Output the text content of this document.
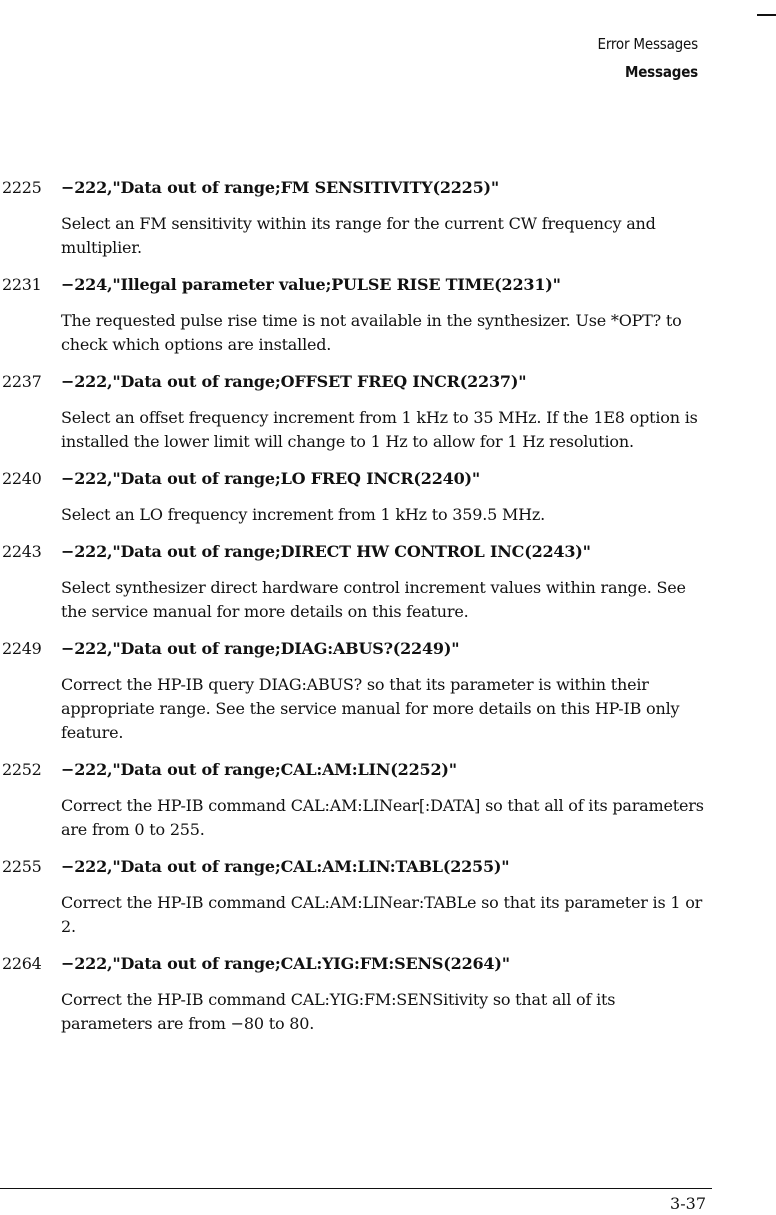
Error Messages
Messages
2225 −222,"Data out of range;FM SENSITIVITY(2225)"
Select an FM sensitivity within its range for the current CW frequency and multiplier.
2231 −224,"Illegal parameter value;PULSE RISE TIME(2231)"
The requested pulse rise time is not available in the synthesizer. Use *OPT? to check which options are installed.
2237 −222,"Data out of range;OFFSET FREQ INCR(2237)"
Select an offset frequency increment from 1 kHz to 35 MHz. If the 1E8 option is installed the lower limit will change to 1 Hz to allow for 1 Hz resolution.
2240 −222,"Data out of range;LO FREQ INCR(2240)"
Select an LO frequency increment from 1 kHz to 359.5 MHz.
2243 −222,"Data out of range;DIRECT HW CONTROL INC(2243)"
Select synthesizer direct hardware control increment values within range. See the service manual for more details on this feature.
2249 −222,"Data out of range;DIAG:ABUS?(2249)"
Correct the HP-IB query DIAG:ABUS? so that its parameter is within their appropriate range. See the service manual for more details on this HP-IB only feature.
2252 −222,"Data out of range;CAL:AM:LIN(2252)"
Correct the HP-IB command CAL:AM:LINear[:DATA] so that all of its parameters are from 0 to 255.
2255 −222,"Data out of range;CAL:AM:LIN:TABL(2255)"
Correct the HP-IB command CAL:AM:LINear:TABLe so that its parameter is 1 or 2.
2264 −222,"Data out of range;CAL:YIG:FM:SENS(2264)"
Correct the HP-IB command CAL:YIG:FM:SENSitivity so that all of its parameters are from −80 to 80.
3-37
